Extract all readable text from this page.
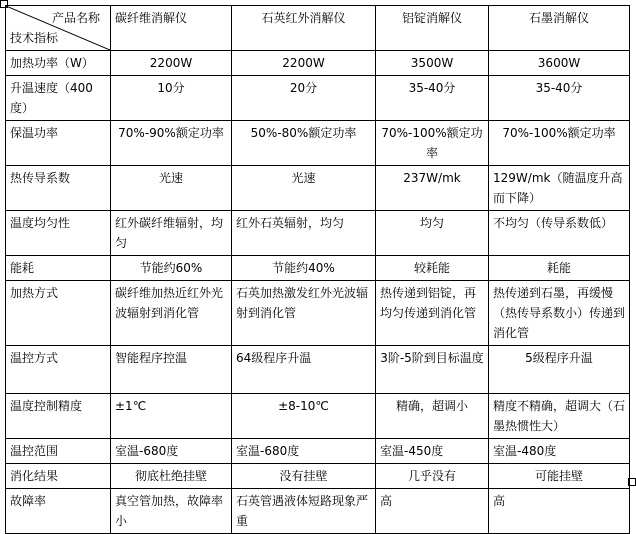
产品名称
技术指标	碳纤维消解仪	石英红外消解仪	铝锭消解仪	石墨消解仪
加热功率（W）	2200W	2200W	3500W	3600W
升温速度（400度）	10分	20分	35-40分	35-40分
保温功率	70%-90%额定功率	50%-80%额定功率	70%-100%额定功率	70%-100%额定功率
热传导系数	光速	光速	237W/mk	129W/mk（随温度升高而下降）
温度均匀性	红外碳纤维辐射，均匀	红外石英辐射，均匀	均匀	不均匀（传导系数低）
能耗	节能约60%	节能约40%	较耗能	耗能
加热方式	碳纤维加热近红外光波辐射到消化管	石英加热激发红外光波辐射到消化管	热传递到铝锭，再均匀传递到消化管	热传递到石墨，再缓慢（热传导系数小）传递到消化管
温控方式	智能程序控温	64级程序升温	3阶-5阶到目标温度	5级程序升温
温度控制精度	±1℃	±8-10℃	精确，超调小	精度不精确，超调大（石墨热惯性大）
温控范围	室温-680度	室温-680度	室温-450度	室温-480度
消化结果	彻底杜绝挂壁	没有挂壁	几乎没有	可能挂壁
故障率	真空管加热，故障率小	石英管遇液体短路现象严重	高	高
